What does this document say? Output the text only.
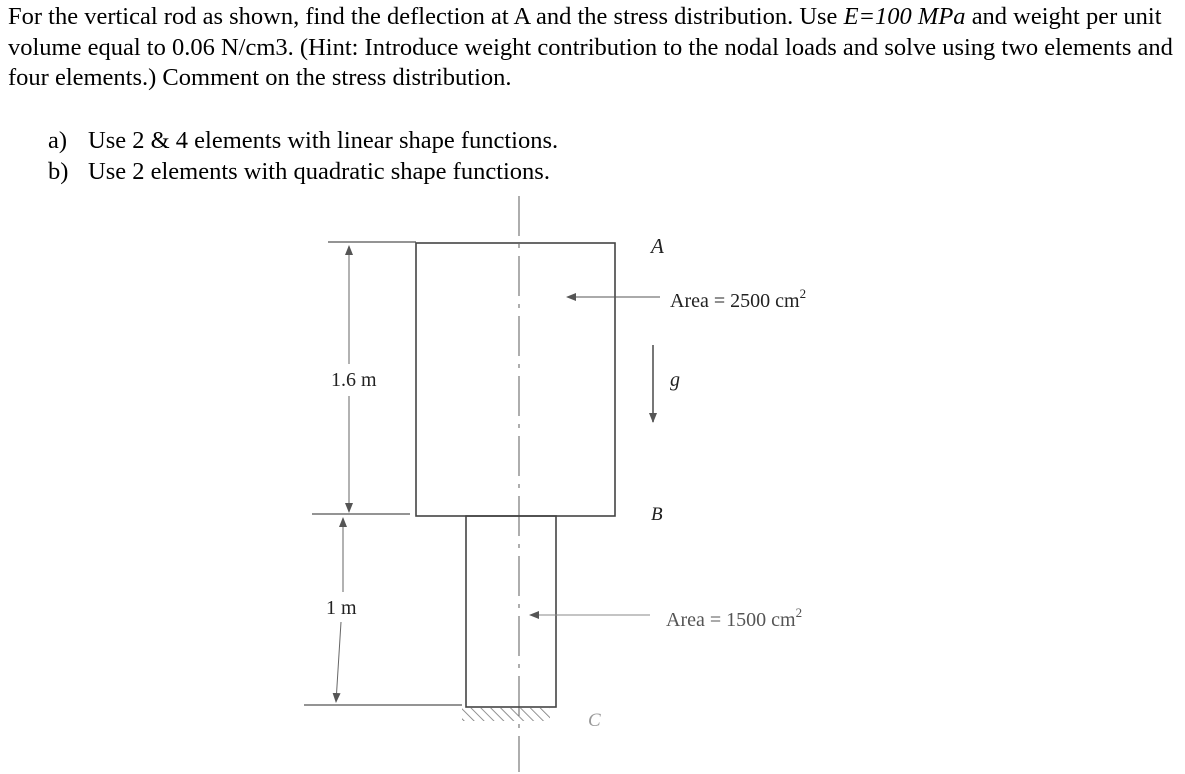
For the vertical rod as shown, find the deflection at A and the stress distribution. Use E=100 MPa and weight per unit volume equal to 0.06 N/cm3. (Hint: Introduce weight contribution to the nodal loads and solve using two elements and four elements.) Comment on the stress distribution.

a) Use 2 & 4 elements with linear shape functions.
b) Use 2 elements with quadratic shape functions.
A
B
C
g
1.6 m
1 m
Area = 2500 $cm^2$
Area = 1500 $cm^2$
